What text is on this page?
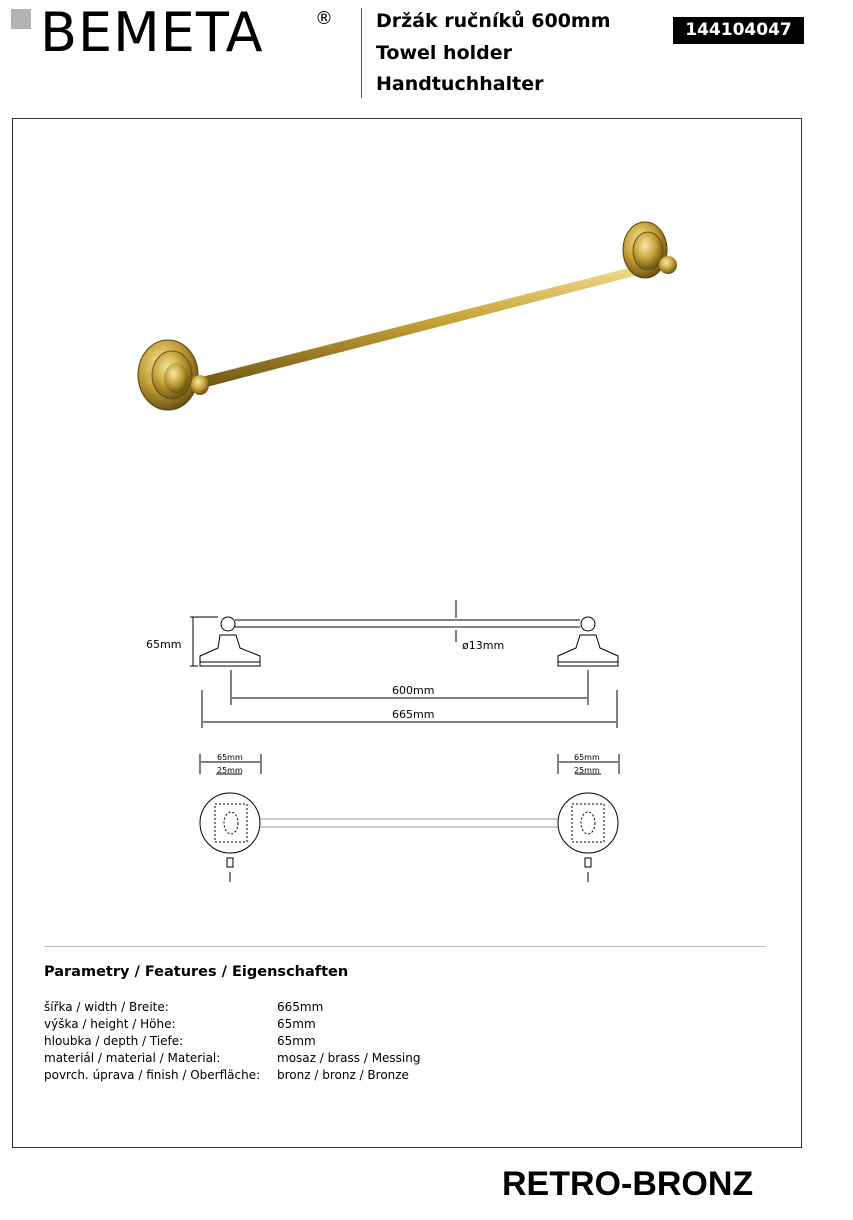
BEMETA	® Držák ručníků 600mm
Towel holder
Handtuchhalter
144104047
65mm	ø13mm
600mm
665mm
65mm
25mm
65mm
25mm
Parametry / Features / Eigenschaften
šířka / width / Breite:	665mm
výška / height / Höhe:	65mm
hloubka / depth / Tiefe:	65mm
materiál / material / Material:	mosaz / brass / Messing
povrch. úprava / finish / Oberfläche: bronz / bronz / Bronze
RETRO-BRONZ
